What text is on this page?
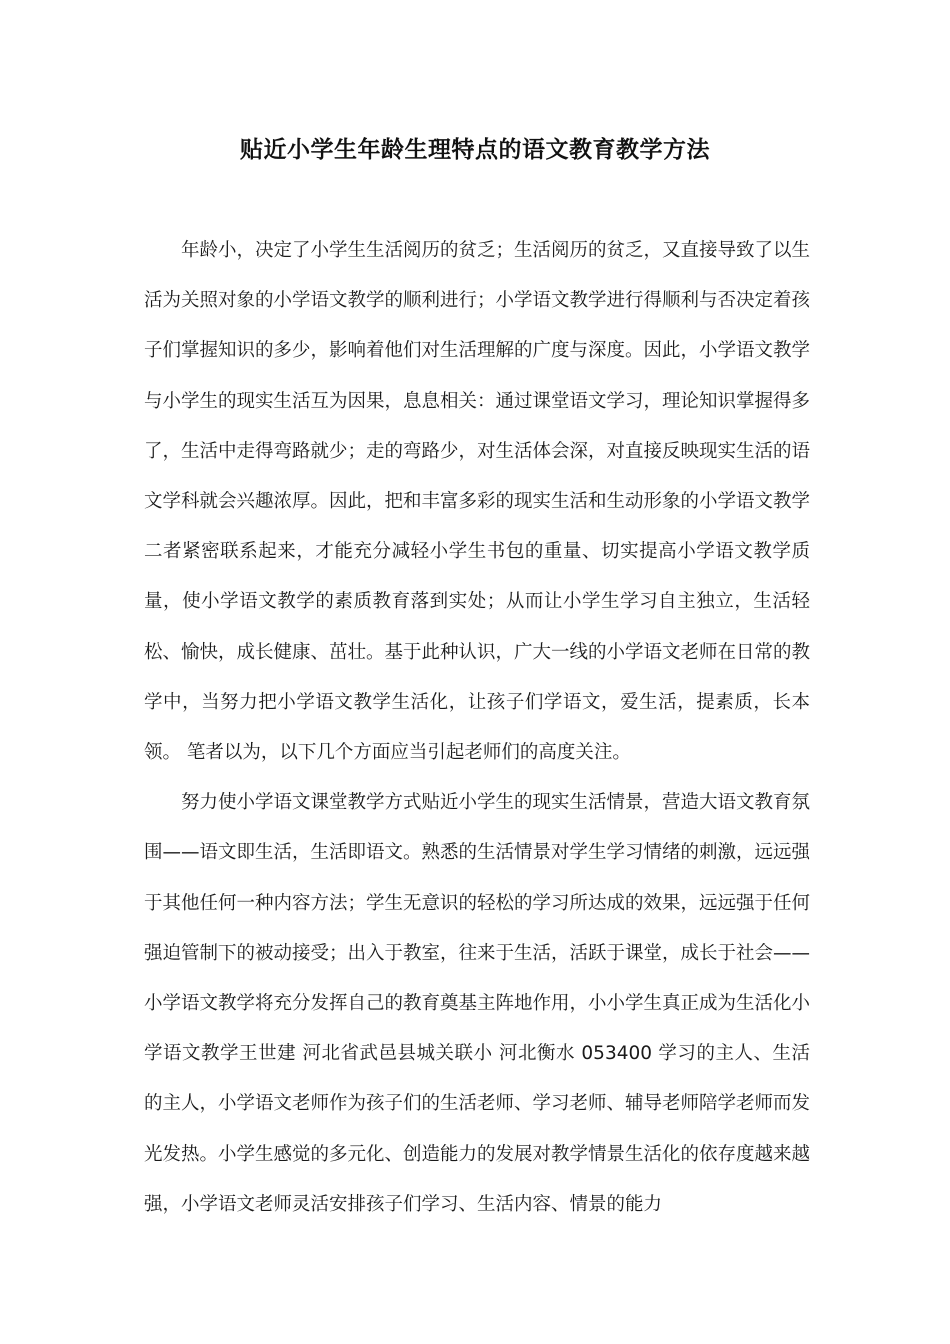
贴近小学生年龄生理特点的语文教育教学方法

年龄小，决定了小学生生活阅历的贫乏；生活阅历的贫乏，又直接导致了以生活为关照对象的小学语文教学的顺利进行；小学语文教学进行得顺利与否决定着孩子们掌握知识的多少，影响着他们对生活理解的广度与深度。因此，小学语文教学与小学生的现实生活互为因果，息息相关：通过课堂语文学习，理论知识掌握得多了，生活中走得弯路就少；走的弯路少，对生活体会深，对直接反映现实生活的语文学科就会兴趣浓厚。因此，把和丰富多彩的现实生活和生动形象的小学语文教学二者紧密联系起来，才能充分减轻小学生书包的重量、切实提高小学语文教学质量，使小学语文教学的素质教育落到实处；从而让小学生学习自主独立，生活轻松、愉快，成长健康、茁壮。基于此种认识，广大一线的小学语文老师在日常的教学中，当努力把小学语文教学生活化，让孩子们学语文，爱生活，提素质，长本领。 笔者以为，以下几个方面应当引起老师们的高度关注。

努力使小学语文课堂教学方式贴近小学生的现实生活情景，营造大语文教育氛围——语文即生活，生活即语文。熟悉的生活情景对学生学习情绪的刺激，远远强于其他任何一种内容方法；学生无意识的轻松的学习所达成的效果，远远强于任何强迫管制下的被动接受；出入于教室，往来于生活，活跃于课堂，成长于社会——小学语文教学将充分发挥自己的教育奠基主阵地作用，小小学生真正成为生活化小学语文教学王世建 河北省武邑县城关联小 河北衡水 053400 学习的主人、生活的主人，小学语文老师作为孩子们的生活老师、学习老师、辅导老师陪学老师而发光发热。小学生感觉的多元化、创造能力的发展对教学情景生活化的依存度越来越强，小学语文老师灵活安排孩子们学习、生活内容、情景的能力
